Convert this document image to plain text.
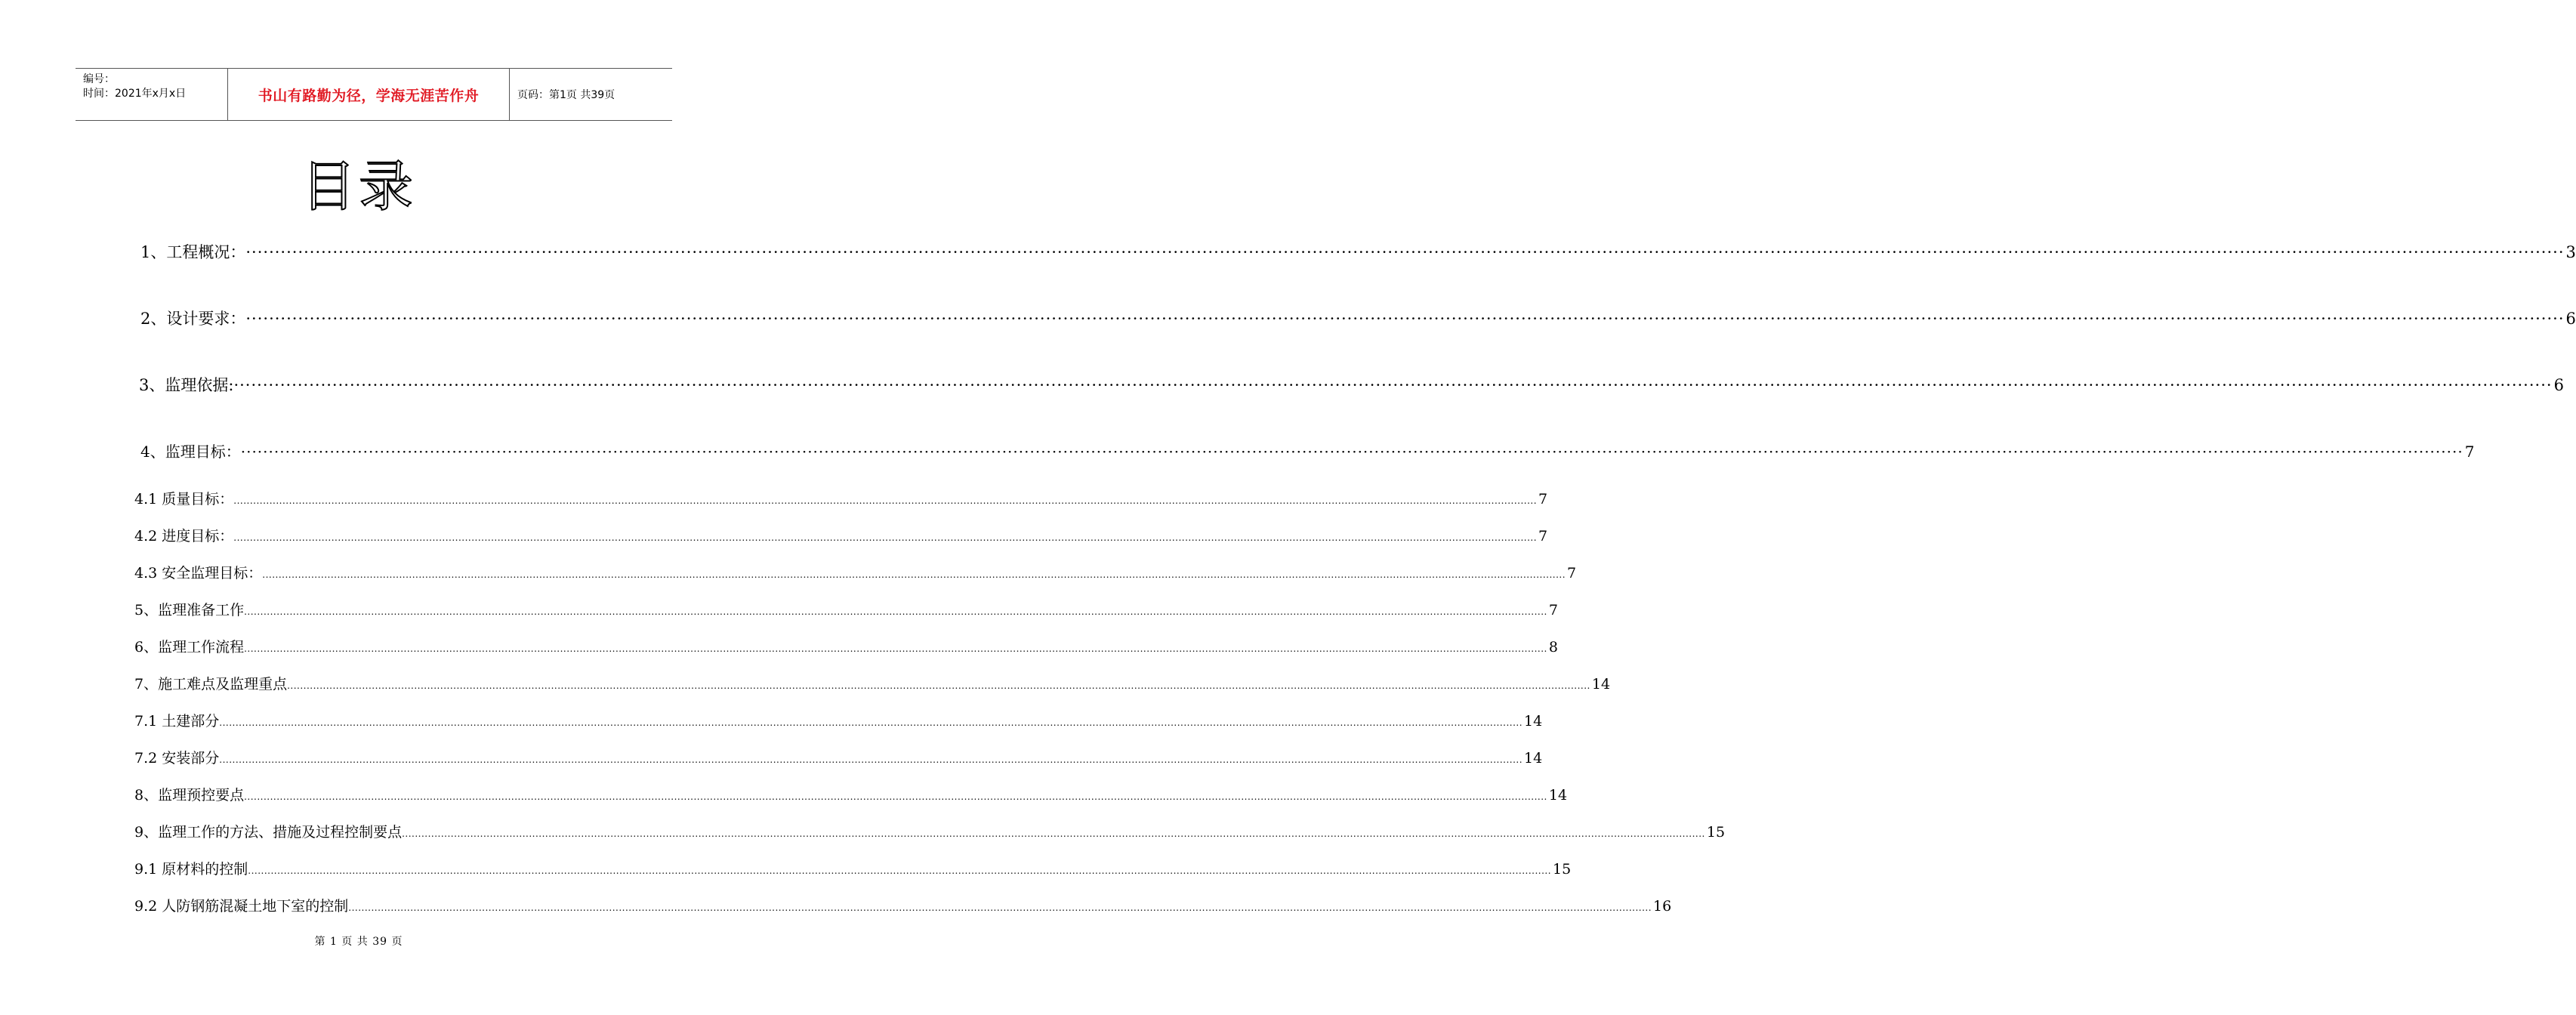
编号：
时间：2021年x月x日	书山有路勤为径，学海无涯苦作舟	页码：第1页 共39页
目录
1、工程概况： ················································································································································································································································································································································································································ 3
2、设计要求： ················································································································································································································································································································································································································ 6
3、监理依据: ················································································································································································································································································································································································································ 6
4、监理目标： ················································································································································································································································································································································································································ 7
4.1 质量目标： ................................................................................................................................................................................................................................................................................................................................................................................................................ 7
4.2 进度目标： ................................................................................................................................................................................................................................................................................................................................................................................................................ 7
4.3 安全监理目标： ................................................................................................................................................................................................................................................................................................................................................................................................................ 7
5、监理准备工作 ................................................................................................................................................................................................................................................................................................................................................................................................................ 7
6、监理工作流程 ................................................................................................................................................................................................................................................................................................................................................................................................................ 8
7、施工难点及监理重点 ................................................................................................................................................................................................................................................................................................................................................................................................................ 14
7.1 土建部分 ................................................................................................................................................................................................................................................................................................................................................................................................................ 14
7.2 安装部分 ................................................................................................................................................................................................................................................................................................................................................................................................................ 14
8、监理预控要点 ................................................................................................................................................................................................................................................................................................................................................................................................................ 14
9、监理工作的方法、措施及过程控制要点 ................................................................................................................................................................................................................................................................................................................................................................................................................ 15
9.1 原材料的控制 ................................................................................................................................................................................................................................................................................................................................................................................................................ 15
9.2 人防钢筋混凝土地下室的控制 ................................................................................................................................................................................................................................................................................................................................................................................................................ 16
第 1 页 共 39 页
